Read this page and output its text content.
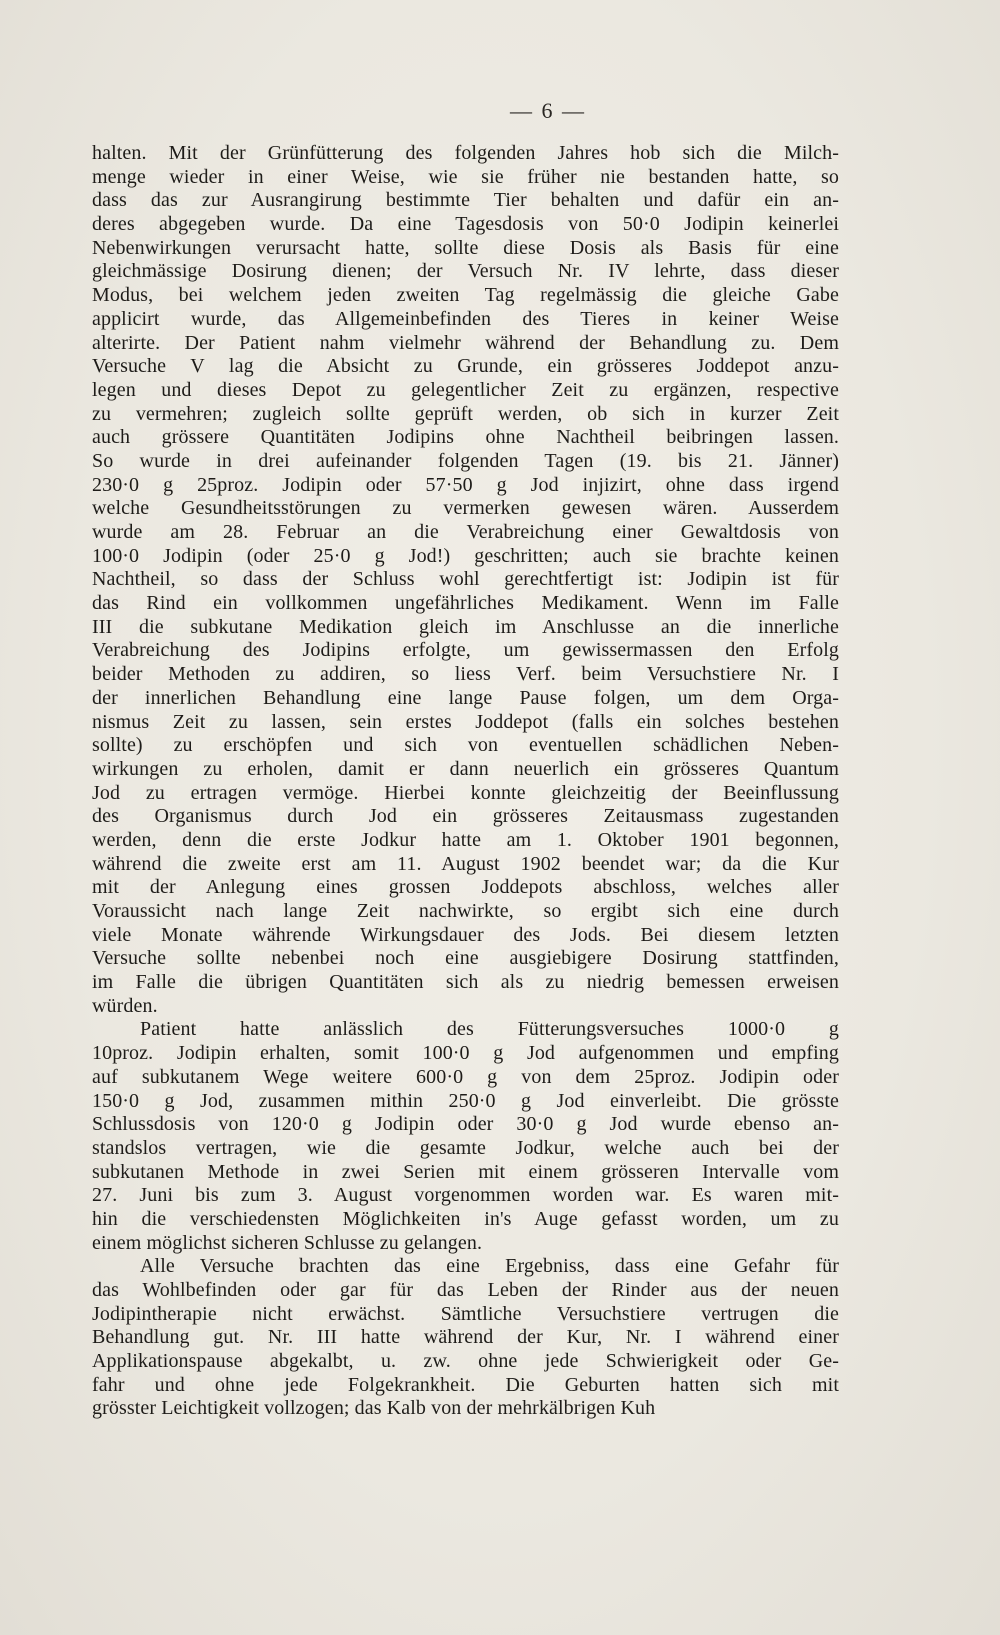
— 6 —
halten. Mit der Grünfütterung des folgenden Jahres hob sich die Milch-
menge wieder in einer Weise, wie sie früher nie bestanden hatte, so
dass das zur Ausrangirung bestimmte Tier behalten und dafür ein an-
deres abgegeben wurde. Da eine Tagesdosis von 50·0 Jodipin keinerlei
Nebenwirkungen verursacht hatte, sollte diese Dosis als Basis für eine
gleichmässige Dosirung dienen; der Versuch Nr. IV lehrte, dass dieser
Modus, bei welchem jeden zweiten Tag regelmässig die gleiche Gabe
applicirt wurde, das Allgemeinbefinden des Tieres in keiner Weise
alterirte. Der Patient nahm vielmehr während der Behandlung zu. Dem
Versuche V lag die Absicht zu Grunde, ein grösseres Joddepot anzu-
legen und dieses Depot zu gelegentlicher Zeit zu ergänzen, respective
zu vermehren; zugleich sollte geprüft werden, ob sich in kurzer Zeit
auch grössere Quantitäten Jodipins ohne Nachtheil beibringen lassen.
So wurde in drei aufeinander folgenden Tagen (19. bis 21. Jänner)
230·0 g 25proz. Jodipin oder 57·50 g Jod injizirt, ohne dass irgend
welche Gesundheitsstörungen zu vermerken gewesen wären. Ausserdem
wurde am 28. Februar an die Verabreichung einer Gewaltdosis von
100·0 Jodipin (oder 25·0 g Jod!) geschritten; auch sie brachte keinen
Nachtheil, so dass der Schluss wohl gerechtfertigt ist: Jodipin ist für
das Rind ein vollkommen ungefährliches Medikament. Wenn im Falle
III die subkutane Medikation gleich im Anschlusse an die innerliche
Verabreichung des Jodipins erfolgte, um gewissermassen den Erfolg
beider Methoden zu addiren, so liess Verf. beim Versuchstiere Nr. I
der innerlichen Behandlung eine lange Pause folgen, um dem Orga-
nismus Zeit zu lassen, sein erstes Joddepot (falls ein solches bestehen
sollte) zu erschöpfen und sich von eventuellen schädlichen Neben-
wirkungen zu erholen, damit er dann neuerlich ein grösseres Quantum
Jod zu ertragen vermöge. Hierbei konnte gleichzeitig der Beeinflussung
des Organismus durch Jod ein grösseres Zeitausmass zugestanden
werden, denn die erste Jodkur hatte am 1. Oktober 1901 begonnen,
während die zweite erst am 11. August 1902 beendet war; da die Kur
mit der Anlegung eines grossen Joddepots abschloss, welches aller
Voraussicht nach lange Zeit nachwirkte, so ergibt sich eine durch
viele Monate währende Wirkungsdauer des Jods. Bei diesem letzten
Versuche sollte nebenbei noch eine ausgiebigere Dosirung stattfinden,
im Falle die übrigen Quantitäten sich als zu niedrig bemessen erweisen
würden.
Patient hatte anlässlich des Fütterungsversuches 1000·0 g
10proz. Jodipin erhalten, somit 100·0 g Jod aufgenommen und empfing
auf subkutanem Wege weitere 600·0 g von dem 25proz. Jodipin oder
150·0 g Jod, zusammen mithin 250·0 g Jod einverleibt. Die grösste
Schlussdosis von 120·0 g Jodipin oder 30·0 g Jod wurde ebenso an-
standslos vertragen, wie die gesamte Jodkur, welche auch bei der
subkutanen Methode in zwei Serien mit einem grösseren Intervalle vom
27. Juni bis zum 3. August vorgenommen worden war. Es waren mit-
hin die verschiedensten Möglichkeiten in's Auge gefasst worden, um zu
einem möglichst sicheren Schlusse zu gelangen.
Alle Versuche brachten das eine Ergebniss, dass eine Gefahr für
das Wohlbefinden oder gar für das Leben der Rinder aus der neuen
Jodipintherapie nicht erwächst. Sämtliche Versuchstiere vertrugen die
Behandlung gut. Nr. III hatte während der Kur, Nr. I während einer
Applikationspause abgekalbt, u. zw. ohne jede Schwierigkeit oder Ge-
fahr und ohne jede Folgekrankheit. Die Geburten hatten sich mit
grösster Leichtigkeit vollzogen; das Kalb von der mehrkälbrigen Kuh
